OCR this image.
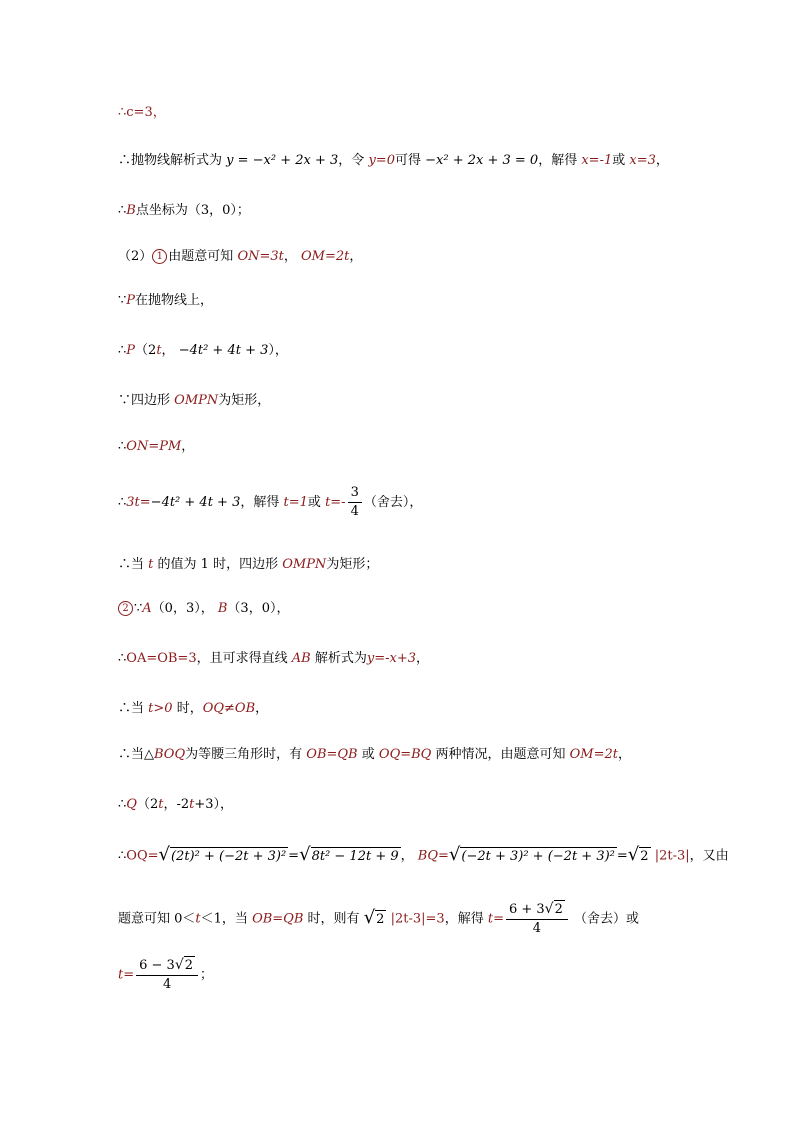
∴c=3，
∴抛物线解析式为 y = −x² + 2x + 3，令 y=0可得 −x² + 2x + 3 = 0，解得 x=-1或 x=3，
∴B点坐标为（3，0）；
（2） 1 由题意可知 ON=3t， OM=2t，
∵P在抛物线上，
∴P（2t， −4t² + 4t + 3），
∵四边形 OMPN为矩形，
∴ON=PM，
∴3t=−4t² + 4t + 3，解得 t=1或 $t=- \frac{3}{4}$ （舍去），
∴当 t 的值为 1 时，四边形 OMPN为矩形；
2 ∵A（0，3）， B（3，0），
∴OA=OB=3，且可求得直线 AB 解析式为y=-x+3，
∴当 t>0 时，OQ≠OB，
∴当△BOQ为等腰三角形时，有 OB=QB 或 OQ=BQ 两种情况，由题意可知 OM=2t，
∴Q（2t，-2t+3），
∴OQ=√(2t)² + (−2t + 3)² =√8t² − 12t + 9 ， BQ=√(−2t + 3)² + (−2t + 3)² =√2 |2t-3|，又由
题意可知 0＜t＜1，当 OB=QB 时，则有 √2 |2t-3|=3，解得 $t= \frac{6 + 3√2}{4}$ （舍去）或
$t= \frac{6 - 3√2}{4}$ ；
